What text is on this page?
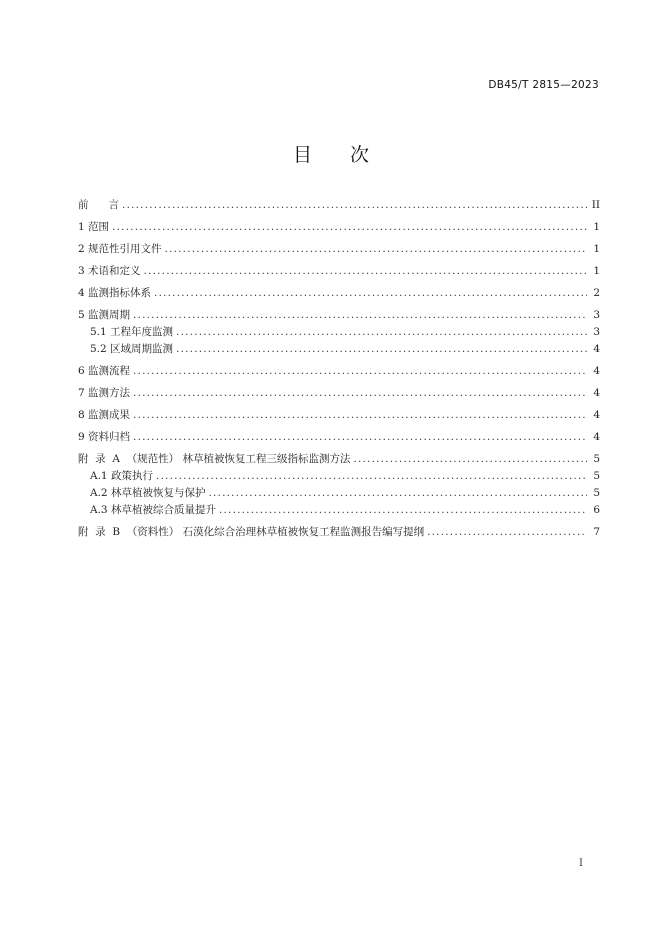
DB45/T 2815—2023
目 次
前      言 .....	II
1 范围 .....	1
2 规范性引用文件 .....	1
3 术语和定义 .....	1
4 监测指标体系 .....	2
5 监测周期 .....	3
5.1 工程年度监测 .....	3
5.2 区域周期监测 .....	4
6 监测流程 .....	4
7 监测方法 .....	4
8 监测成果 .....	4
9 资料归档 .....	4
附  录  A  （规范性） 林草植被恢复工程三级指标监测方法 .....	5
A.1 政策执行 .....	5
A.2 林草植被恢复与保护 .....	5
A.3 林草植被综合质量提升 .....	6
附  录  B  （资料性） 石漠化综合治理林草植被恢复工程监测报告编写提纲 .....	7
I
